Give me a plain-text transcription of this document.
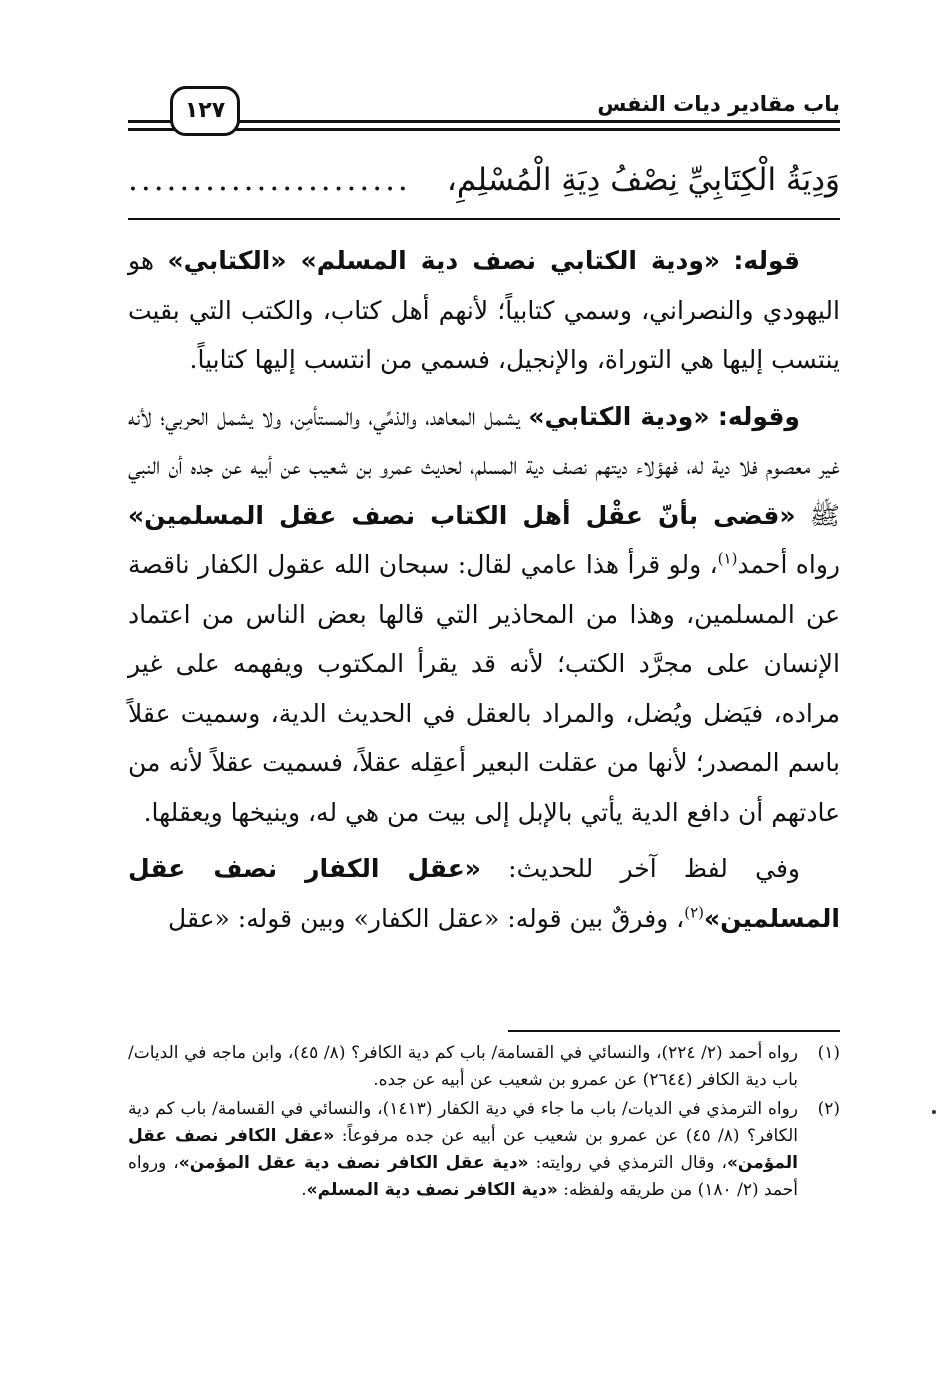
باب مقادير ديات النفس
١٢٧
وَدِيَةُ الْكِتَابِيِّ نِصْفُ دِيَةِ الْمُسْلِمِ،
......................

قوله: «ودية الكتابي نصف دية المسلم» «الكتابي» هو اليهودي والنصراني، وسمي كتابياً؛ لأنهم أهل كتاب، والكتب التي بقيت ينتسب إليها هي التوراة، والإنجيل، فسمي من انتسب إليها كتابياً.

وقوله: «ودية الكتابي» يشمل المعاهد، والذمِّي، والمستأمِن، ولا يشمل الحربي؛ لأنه غير معصوم فلا دية له، فهؤلاء ديتهم نصف دية المسلم، لحديث عمرو بن شعيب عن أبيه عن جده أن النبي ﷺ «قضى بأنّ عقْل أهل الكتاب نصف عقل المسلمين» رواه أحمد$^{(١)}$، ولو قرأ هذا عامي لقال: سبحان الله عقول الكفار ناقصة عن المسلمين، وهذا من المحاذير التي قالها بعض الناس من اعتماد الإنسان على مجرَّد الكتب؛ لأنه قد يقرأ المكتوب ويفهمه على غير مراده، فيَضل ويُضل، والمراد بالعقل في الحديث الدية، وسميت عقلاً باسم المصدر؛ لأنها من عقلت البعير أعقِله عقلاً، فسميت عقلاً لأنه من عادتهم أن دافع الدية يأتي بالإبل إلى بيت من هي له، وينيخها ويعقلها.

وفي لفظ آخر للحديث: «عقل الكفار نصف عقل المسلمين»$^{(٢)}$، وفرقٌ بين قوله: «عقل الكفار» وبين قوله: «عقل

(١)
رواه أحمد (٢/ ٢٢٤)، والنسائي في القسامة/ باب كم دية الكافر؟ (٨/ ٤٥)، وابن ماجه في الديات/ باب دية الكافر (٢٦٤٤) عن عمرو بن شعيب عن أبيه عن جده.
(٢)
رواه الترمذي في الديات/ باب ما جاء في دية الكفار (١٤١٣)، والنسائي في القسامة/ باب كم دية الكافر؟ (٨/ ٤٥) عن عمرو بن شعيب عن أبيه عن جده مرفوعاً: «عقل الكافر نصف عقل المؤمن»، وقال الترمذي في روايته: «دية عقل الكافر نصف دية عقل المؤمن»، ورواه أحمد (٢/ ١٨٠) من طريقه ولفظه: «دية الكافر نصف دية المسلم».
